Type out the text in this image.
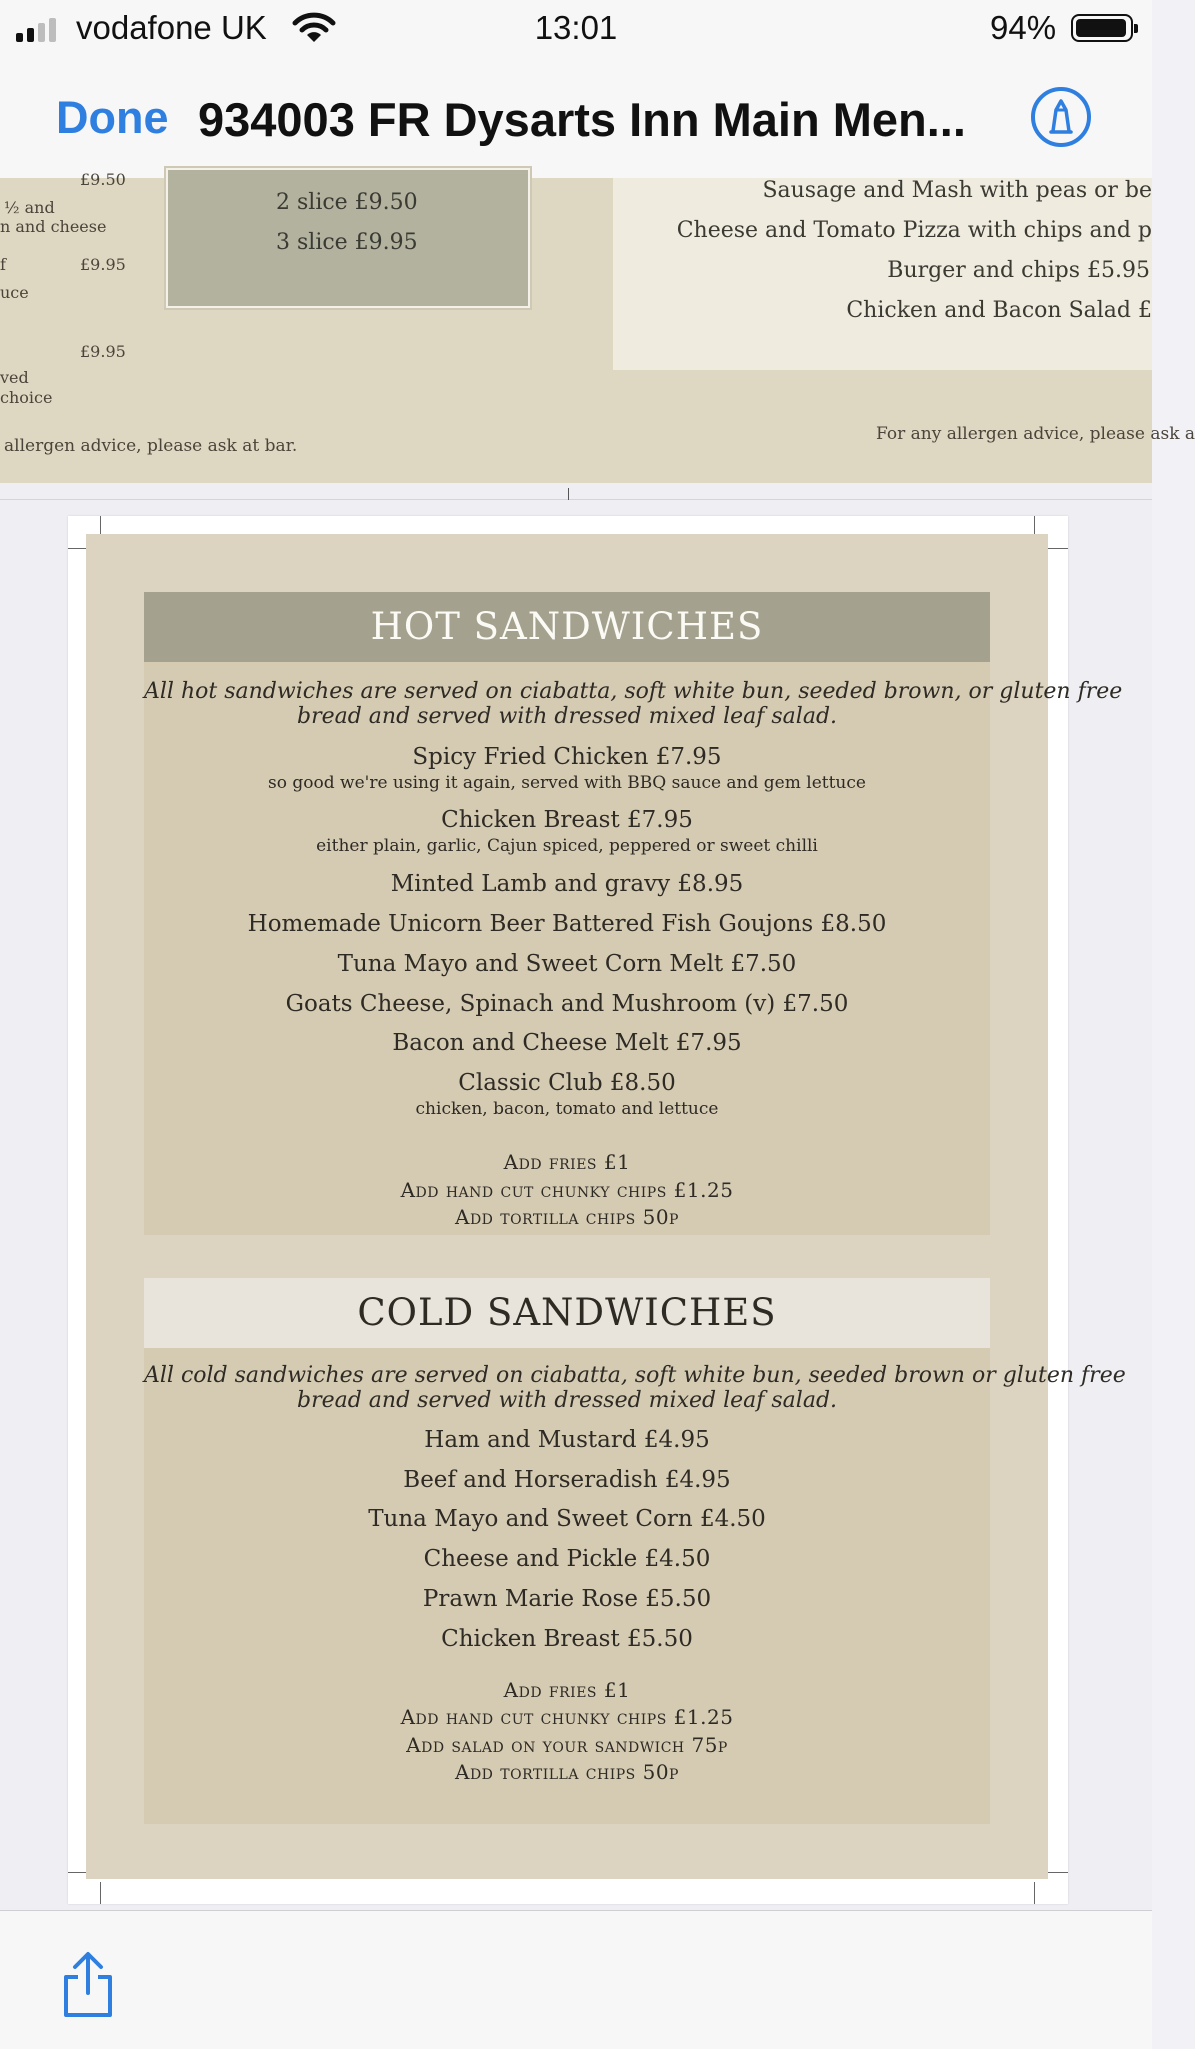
vodafone UK	13:01	94%
Done 934003 FR Dysarts Inn Main Men...
£9.50
½ and
n and cheese
f	£9.95
uce
£9.95
ved
choice
allergen advice, please ask at bar.
2 slice £9.50
3 slice £9.95
Sausage and Mash with peas or be
Cheese and Tomato Pizza with chips and p
Burger and chips £5.95
Chicken and Bacon Salad £
For any allergen advice, please ask a
HOT SANDWICHES
All hot sandwiches are served on ciabatta, soft white bun, seeded brown, or gluten free
bread and served with dressed mixed leaf salad.
Spicy Fried Chicken £7.95
so good we're using it again, served with BBQ sauce and gem lettuce
Chicken Breast £7.95
either plain, garlic, Cajun spiced, peppered or sweet chilli
Minted Lamb and gravy £8.95
Homemade Unicorn Beer Battered Fish Goujons £8.50
Tuna Mayo and Sweet Corn Melt £7.50
Goats Cheese, Spinach and Mushroom (v) £7.50
Bacon and Cheese Melt £7.95
Classic Club £8.50
chicken, bacon, tomato and lettuce
Add fries £1
Add hand cut chunky chips £1.25
Add tortilla chips 50p
COLD SANDWICHES
All cold sandwiches are served on ciabatta, soft white bun, seeded brown or gluten free
bread and served with dressed mixed leaf salad.
Ham and Mustard £4.95
Beef and Horseradish £4.95
Tuna Mayo and Sweet Corn £4.50
Cheese and Pickle £4.50
Prawn Marie Rose £5.50
Chicken Breast £5.50
Add fries £1
Add hand cut chunky chips £1.25
Add salad on your sandwich 75p
Add tortilla chips 50p
